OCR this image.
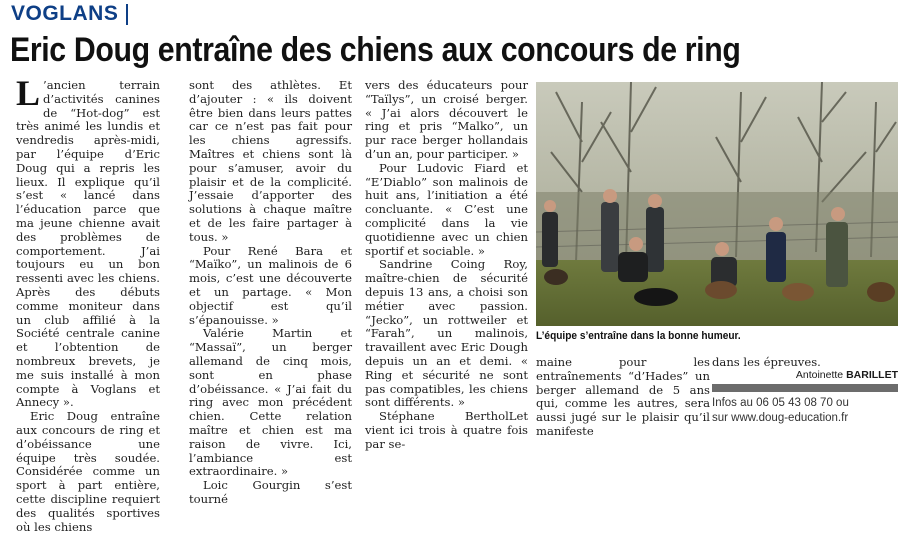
VOGLANS
Eric Doug entraîne des chiens aux concours de ring

L ’ancien terrain d’activités canines de “Hot-dog” est très animé les lundis et vendredis après-midi, par l’équipe d’Eric Doug qui a repris les lieux. Il explique qu’il s’est « lancé dans l’éducation parce que ma jeune chienne avait des problèmes de comportement. J’ai toujours eu un bon ressenti avec les chiens. Après des débuts comme moniteur dans un club affilié à la Société centrale canine et l’obtention de nombreux brevets, je me suis installé à mon compte à Voglans et Annecy ».

Eric Doug entraîne aux concours de ring et d’obéissance une équipe très soudée. Considérée comme un sport à part entière, cette discipline requiert des qualités sportives où les chiens

sont des athlètes. Et d’ajouter : « ils doivent être bien dans leurs pattes car ce n’est pas fait pour les chiens agressifs. Maîtres et chiens sont là pour s’amuser, avoir du plaisir et de la complicité. J’essaie d’apporter des solutions à chaque maître et de les faire partager à tous. »

Pour René Bara et “Maïko”, un malinois de 6 mois, c’est une découverte et un partage. « Mon objectif est qu’il s’épanouisse. »

Valérie Martin et “Massaï”, un berger allemand de cinq mois, sont en phase d’obéissance. « J’ai fait du ring avec mon précédent chien. Cette relation maître et chien est ma raison de vivre. Ici, l’ambiance est extraordinaire. »

Loic Gourgin s’est tourné

vers des éducateurs pour “Taïlys”, un croisé berger. « J’ai alors découvert le ring et pris “Malko”, un pur race berger hollandais d’un an, pour participer. »

Pour Ludovic Fiard et “E’Diablo” son malinois de huit ans, l’initiation a été concluante. « C’est une complicité dans la vie quotidienne avec un chien sportif et sociable. »

Sandrine Coing Roy, maître-chien de sécurité depuis 13 ans, a choisi son métier avec passion. “Jecko”, un rottweiler et “Farah”, un malinois, travaillent avec Eric Dough depuis un an et demi. « Ring et sécurité ne sont pas compatibles, les chiens sont différents. »

Stéphane BertholLet vient ici trois à quatre fois par se-

L’équipe s’entraîne dans la bonne humeur.
maine pour les entraînements “d’Hades” un berger allemand de 5 ans qui, comme les autres, sera aussi jugé sur le plaisir qu’il manifeste

dans les épreuves.

Antoinette BARILLET

Infos au 06 05 43 08 70 ou

sur www.doug-education.fr
